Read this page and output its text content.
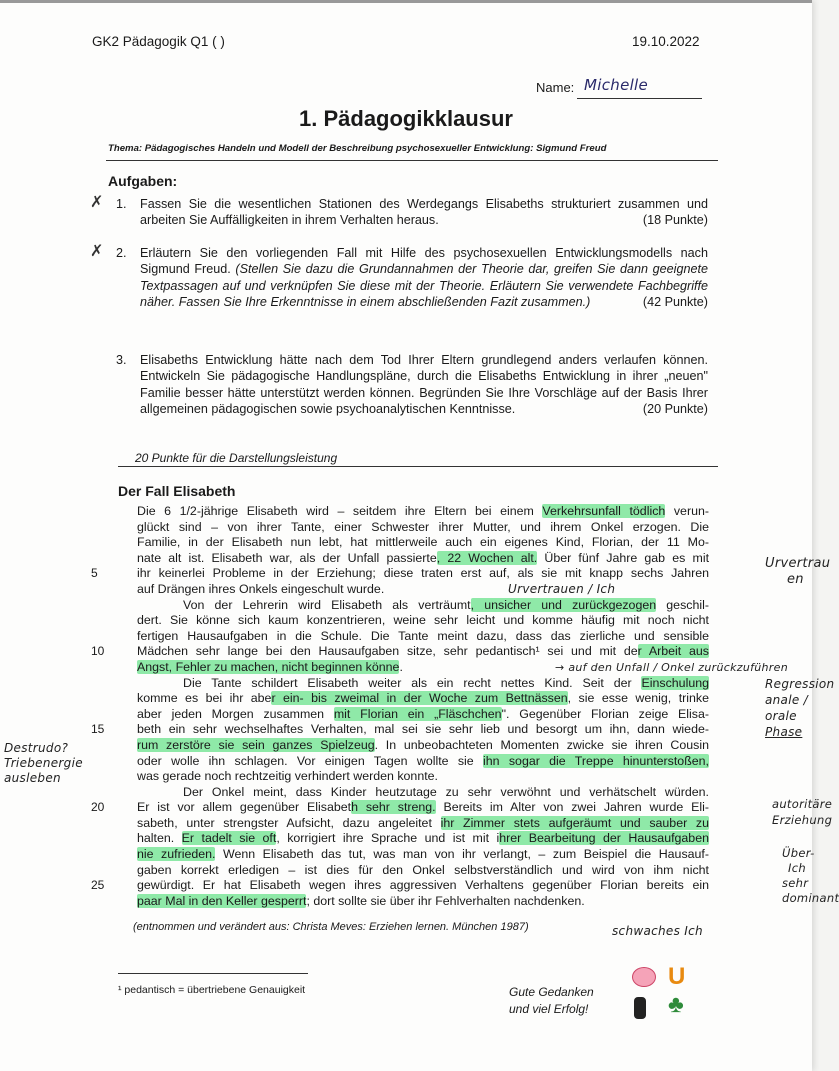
GK2 Pädagogik Q1 ( )	19.10.2022
Name: Michelle
1. Pädagogikklausur
Thema: Pädagogisches Handeln und Modell der Beschreibung psychosexueller Entwicklung: Sigmund Freud
Aufgaben:
✗ 1. Fassen Sie die wesentlichen Stationen des Werdegangs Elisabeths strukturiert zusammen und arbeiten Sie Auffälligkeiten in ihrem Verhalten heraus.	(18 Punkte)
✗ 2. Erläutern Sie den vorliegenden Fall mit Hilfe des psychosexuellen Entwicklungsmodells nach Sigmund Freud. (Stellen Sie dazu die Grundannahmen der Theorie dar, greifen Sie dann geeignete Textpassagen auf und verknüpfen Sie diese mit der Theorie. Erläutern Sie verwendete Fachbegriffe näher. Fassen Sie Ihre Erkenntnisse in einem abschließenden Fazit zusammen.)	(42 Punkte)
3. Elisabeths Entwicklung hätte nach dem Tod Ihrer Eltern grundlegend anders verlaufen können. Entwickeln Sie pädagogische Handlungspläne, durch die Elisabeths Entwicklung in ihrer „neuen" Familie besser hätte unterstützt werden können. Begründen Sie Ihre Vorschläge auf der Basis Ihrer allgemeinen pädagogischen sowie psychoanalytischen Kenntnisse.	(20 Punkte)
20 Punkte für die Darstellungsleistung
Der Fall Elisabeth
Die 6 1/2-jährige Elisabeth wird – seitdem ihre Eltern bei einem Verkehrsunfall tödlich verun-
glückt sind – von ihrer Tante, einer Schwester ihrer Mutter, und ihrem Onkel erzogen. Die
Familie, in der Elisabeth nun lebt, hat mittlerweile auch ein eigenes Kind, Florian, der 11 Mo-
nate alt ist. Elisabeth war, als der Unfall passierte, 22 Wochen alt. Über fünf Jahre gab es mit
5	ihr keinerlei Probleme in der Erziehung; diese traten erst auf, als sie mit knapp sechs Jahren
auf Drängen ihres Onkels eingeschult wurde.
Von der Lehrerin wird Elisabeth als verträumt, unsicher und zurückgezogen geschil-
dert. Sie könne sich kaum konzentrieren, weine sehr leicht und komme häufig mit noch nicht
fertigen Hausaufgaben in die Schule. Die Tante meint dazu, dass das zierliche und sensible
10	Mädchen sehr lange bei den Hausaufgaben sitze, sehr pedantisch¹ sei und mit der Arbeit aus
Angst, Fehler zu machen, nicht beginnen könne.
Die Tante schildert Elisabeth weiter als ein recht nettes Kind. Seit der Einschulung
komme es bei ihr aber ein- bis zweimal in der Woche zum Bettnässen, sie esse wenig, trinke
aber jeden Morgen zusammen mit Florian ein „Fläschchen". Gegenüber Florian zeige Elisa-
15	beth ein sehr wechselhaftes Verhalten, mal sei sie sehr lieb und besorgt um ihn, dann wiede-
rum zerstöre sie sein ganzes Spielzeug. In unbeobachteten Momenten zwicke sie ihren Cousin
oder wolle ihn schlagen. Vor einigen Tagen wollte sie ihn sogar die Treppe hinunterstoßen,
was gerade noch rechtzeitig verhindert werden konnte.
Der Onkel meint, dass Kinder heutzutage zu sehr verwöhnt und verhätschelt würden.
20	Er ist vor allem gegenüber Elisabeth sehr streng. Bereits im Alter von zwei Jahren wurde Eli-
sabeth, unter strengster Aufsicht, dazu angeleitet ihr Zimmer stets aufgeräumt und sauber zu
halten. Er tadelt sie oft, korrigiert ihre Sprache und ist mit ihrer Bearbeitung der Hausaufgaben
nie zufrieden. Wenn Elisabeth das tut, was man von ihr verlangt, – zum Beispiel die Hausauf-
gaben korrekt erledigen – ist dies für den Onkel selbstverständlich und wird von ihm nicht
25	gewürdigt. Er hat Elisabeth wegen ihres aggressiven Verhaltens gegenüber Florian bereits ein
paar Mal in den Keller gesperrt; dort sollte sie über ihr Fehlverhalten nachdenken.
(entnommen und verändert aus: Christa Meves: Erziehen lernen. München 1987)
¹ pedantisch = übertriebene Genauigkeit	Gute Gedanken
und viel Erfolg!
U
♣
Urvertrau
en
Urvertrauen / Ich
→ auf den Unfall / Onkel zurückzuführen
Regression
anale /
orale
Phase
Destrudo?
Triebenergie
ausleben
autoritäre
Erziehung
Über-
Ich
sehr
dominant
schwaches Ich
